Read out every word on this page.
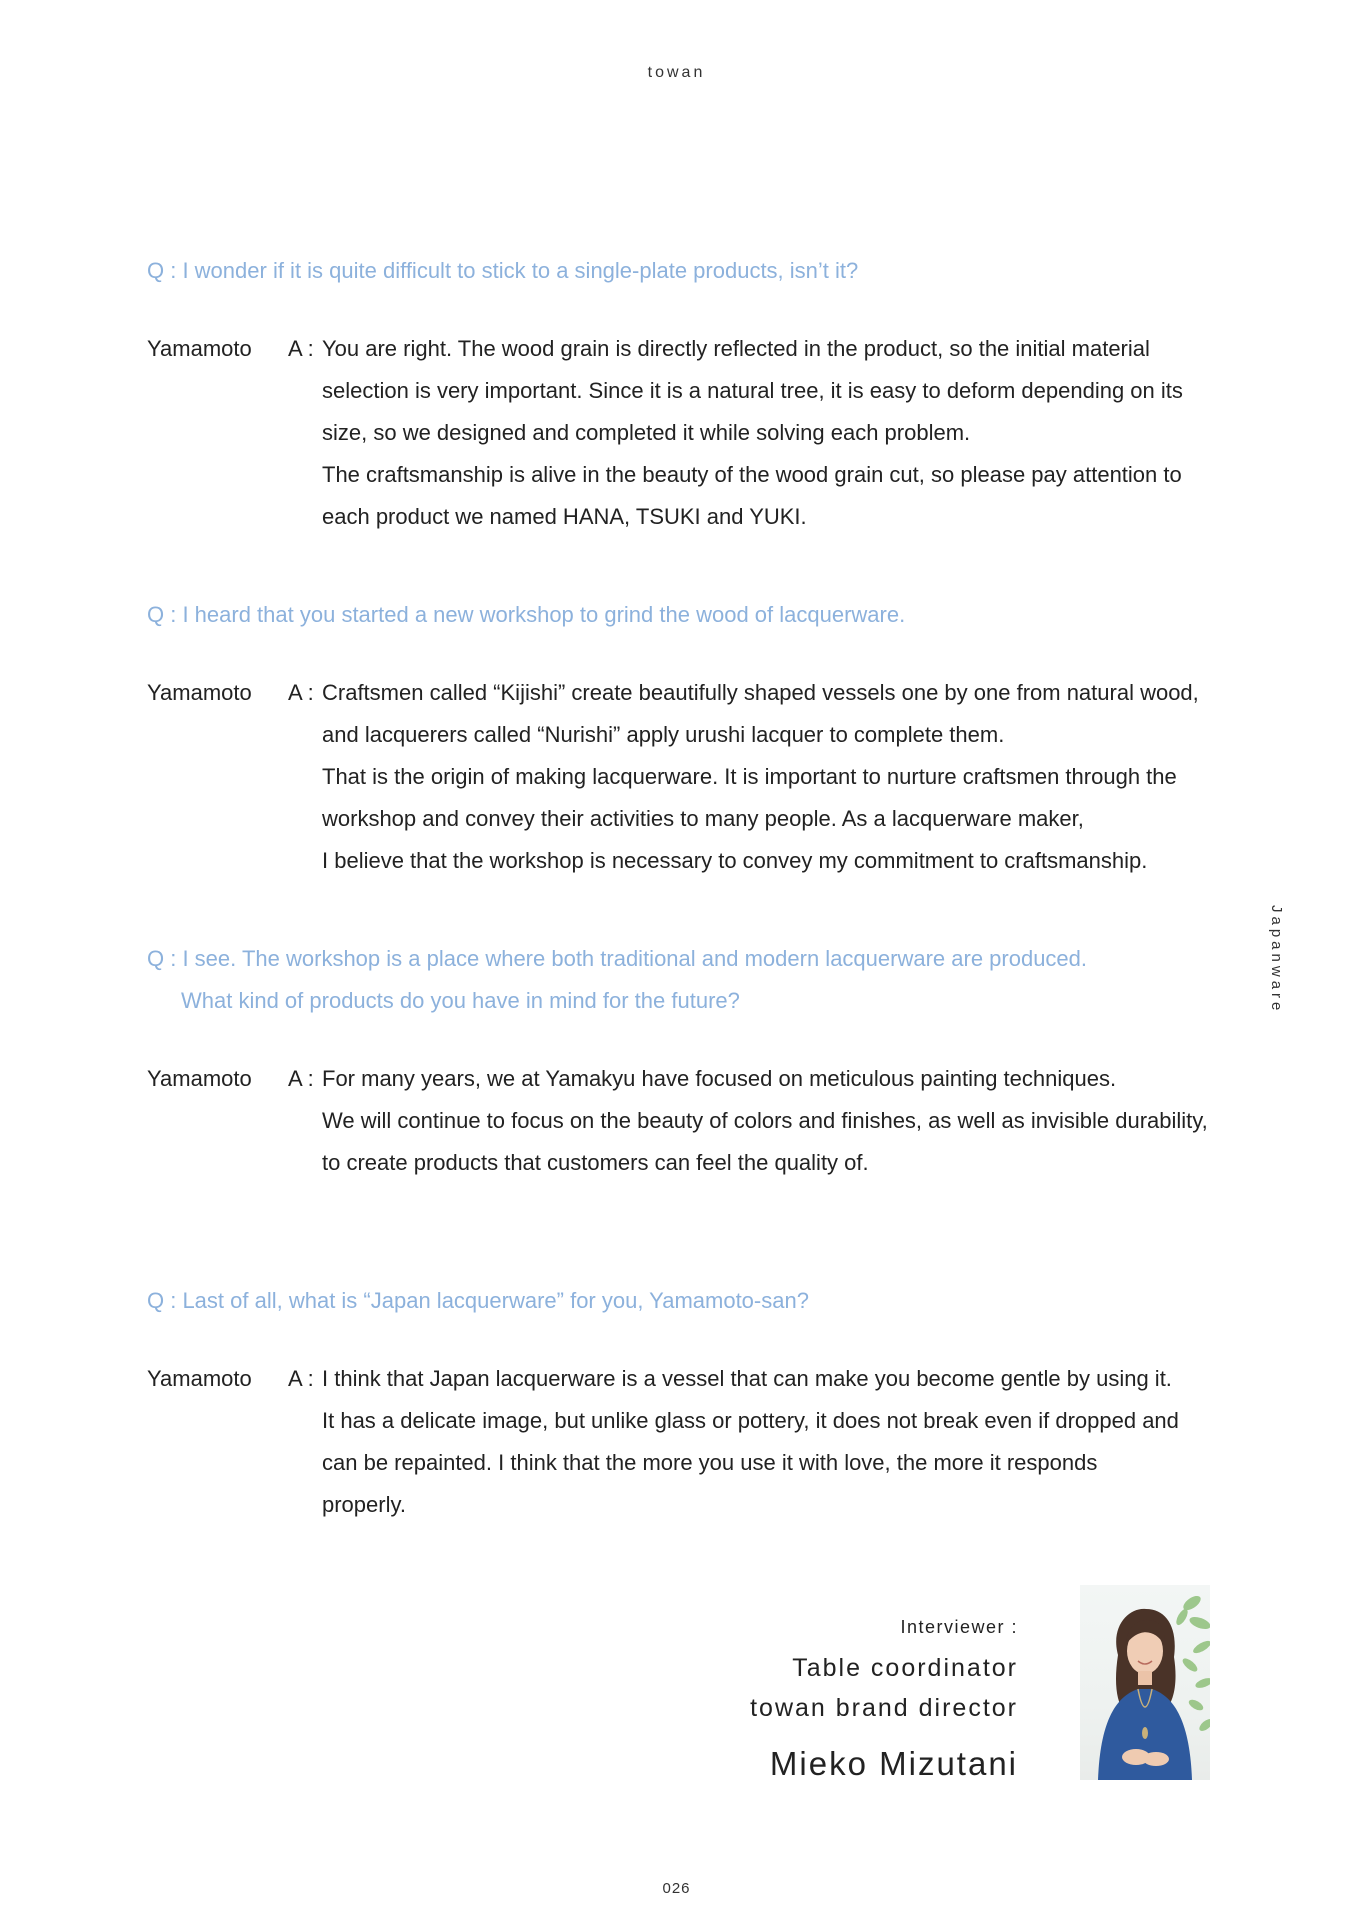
towan
Japanware

Q : I wonder if it is quite difficult to stick to a single-plate products, isn’t it?

Yamamoto A : You are right. The wood grain is directly reflected in the product, so the initial material selection is very important. Since it is a natural tree, it is easy to deform depending on its size, so we designed and completed it while solving each problem.

The craftsmanship is alive in the beauty of the wood grain cut, so please pay attention to each product we named HANA, TSUKI and YUKI.

Q : I heard that you started a new workshop to grind the wood of lacquerware.

Yamamoto A : Craftsmen called “Kijishi” create beautifully shaped vessels one by one from natural wood, and lacquerers called “Nurishi” apply urushi lacquer to complete them.

That is the origin of making lacquerware. It is important to nurture craftsmen through the workshop and convey their activities to many people. As a lacquerware maker,

I believe that the workshop is necessary to convey my commitment to craftsmanship.

Q : I see. The workshop is a place where both traditional and modern lacquerware are produced. What kind of products do you have in mind for the future?

Yamamoto A : For many years, we at Yamakyu have focused on meticulous painting techniques.

We will continue to focus on the beauty of colors and finishes, as well as invisible durability, to create products that customers can feel the quality of.

Q : Last of all, what is “Japan lacquerware” for you, Yamamoto-san?

Yamamoto A : I think that Japan lacquerware is a vessel that can make you become gentle by using it. It has a delicate image, but unlike glass or pottery, it does not break even if dropped and can be repainted. I think that the more you use it with love, the more it responds properly.

Interviewer :
Table coordinator
towan brand director
Mieko Mizutani
026
